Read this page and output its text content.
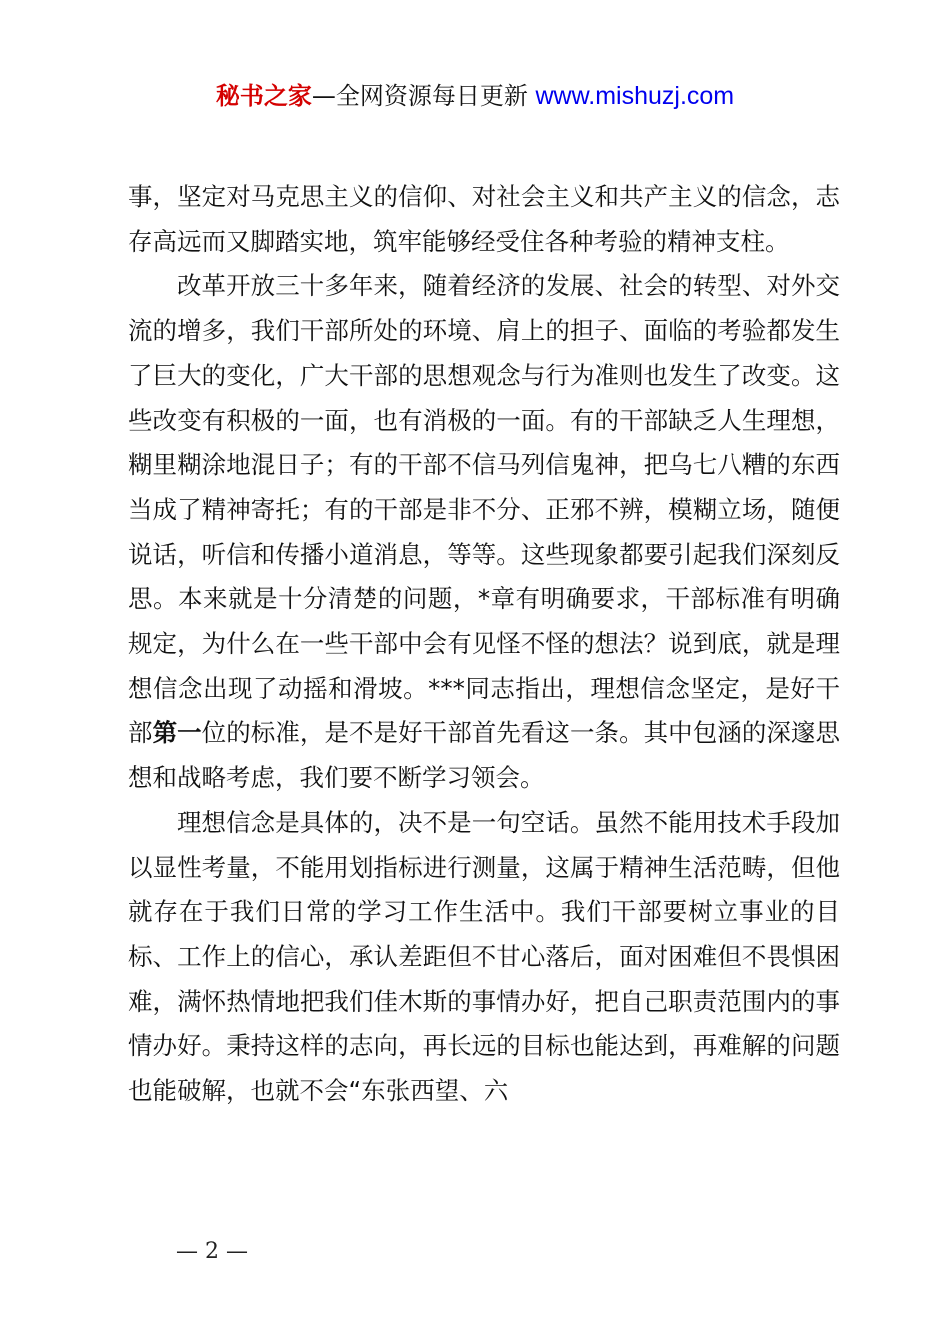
秘书之家—全网资源每日更新 www.mishuzj.com

事，坚定对马克思主义的信仰、对社会主义和共产主义的信念，志存高远而又脚踏实地，筑牢能够经受住各种考验的精神支柱。

改革开放三十多年来，随着经济的发展、社会的转型、对外交流的增多，我们干部所处的环境、肩上的担子、面临的考验都发生了巨大的变化，广大干部的思想观念与行为准则也发生了改变。这些改变有积极的一面，也有消极的一面。有的干部缺乏人生理想，糊里糊涂地混日子；有的干部不信马列信鬼神，把乌七八糟的东西当成了精神寄托；有的干部是非不分、正邪不辨，模糊立场，随便说话，听信和传播小道消息，等等。这些现象都要引起我们深刻反思。本来就是十分清楚的问题，*章有明确要求，干部标准有明确规定，为什么在一些干部中会有见怪不怪的想法？说到底，就是理想信念出现了动摇和滑坡。***同志指出，理想信念坚定，是好干部第一位的标准，是不是好干部首先看这一条。其中包涵的深邃思想和战略考虑，我们要不断学习领会。

理想信念是具体的，决不是一句空话。虽然不能用技术手段加以显性考量，不能用划指标进行测量，这属于精神生活范畴，但他就存在于我们日常的学习工作生活中。我们干部要树立事业的目标、工作上的信心，承认差距但不甘心落后，面对困难但不畏惧困难，满怀热情地把我们佳木斯的事情办好，把自己职责范围内的事情办好。秉持这样的志向，再长远的目标也能达到，再难解的问题也能破解，也就不会“东张西望、六

— 2 —
